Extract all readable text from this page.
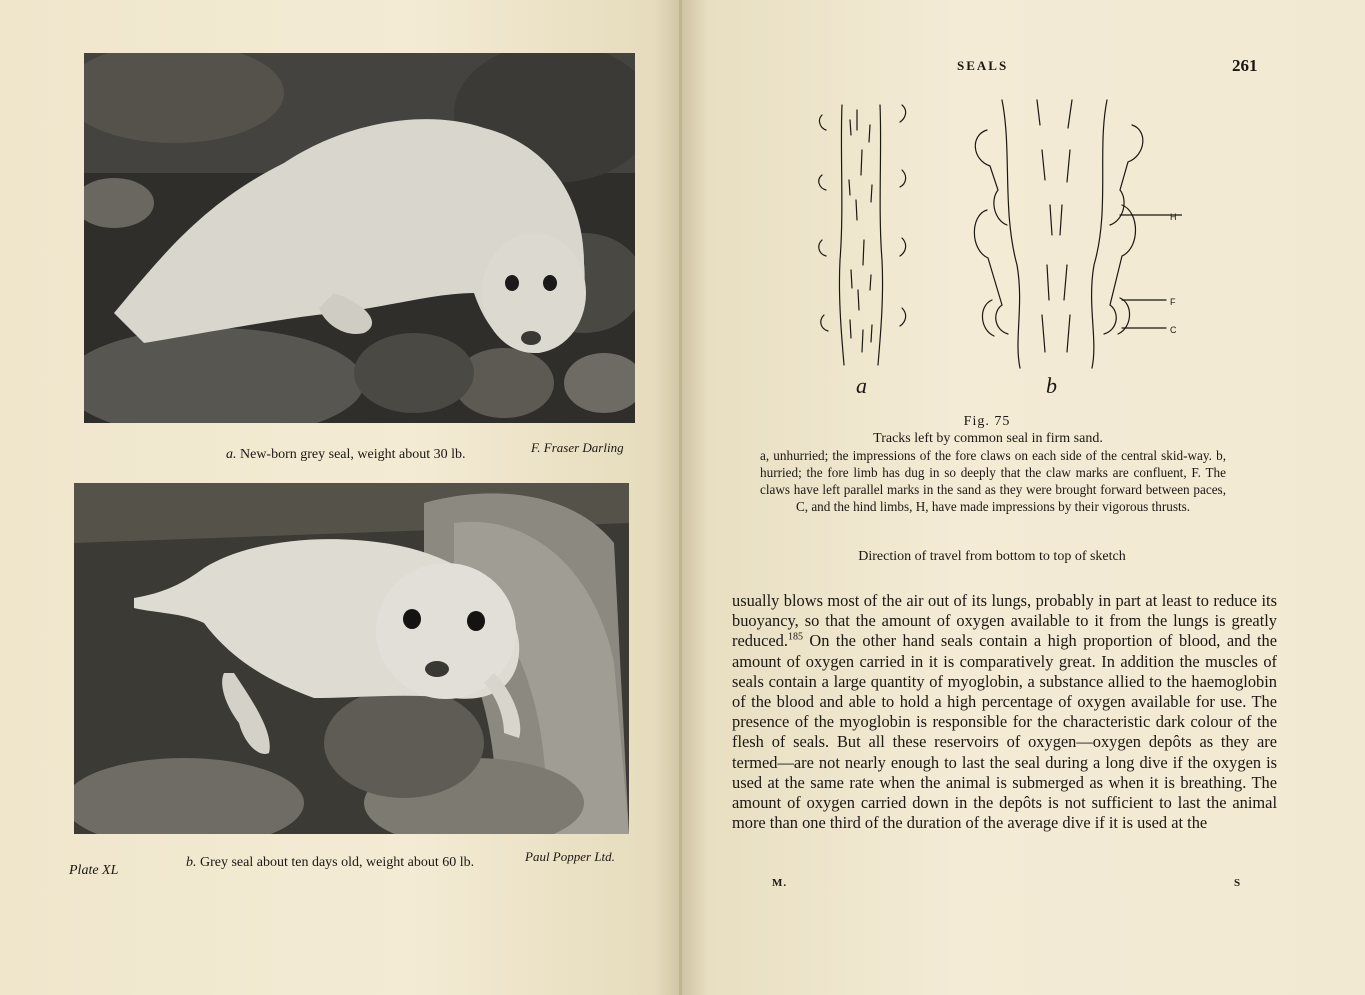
a. New-born grey seal, weight about 30 lb.	F. Fraser Darling
b. Grey seal about ten days old, weight about 60 lb.	Paul Popper Ltd.
Plate XL
SEALS	261
H
F
C
a	b
Fig. 75
Tracks left by common seal in firm sand.
a, unhurried; the impressions of the fore claws on each side of the central skid-way. b, hurried; the fore limb has dug in so deeply that the claw marks are confluent, F. The claws have left parallel marks in the sand as they were brought forward between paces, C, and the hind limbs, H, have made impressions by their vigorous thrusts.
Direction of travel from bottom to top of sketch
usually blows most of the air out of its lungs, probably in part at least to reduce its buoyancy, so that the amount of oxygen available to it from the lungs is greatly reduced.$^{185}$ On the other hand seals contain a high proportion of blood, and the amount of oxygen carried in it is comparatively great. In addition the muscles of seals contain a large quantity of myoglobin, a substance allied to the haemoglobin of the blood and able to hold a high percentage of oxygen available for use. The presence of the myoglobin is responsible for the characteristic dark colour of the flesh of seals. But all these reservoirs of oxygen—oxygen depôts as they are termed—are not nearly enough to last the seal during a long dive if the oxygen is used at the same rate when the animal is submerged as when it is breathing. The amount of oxygen carried down in the depôts is not sufficient to last the animal more than one third of the duration of the average dive if it is used at the
M.	S
